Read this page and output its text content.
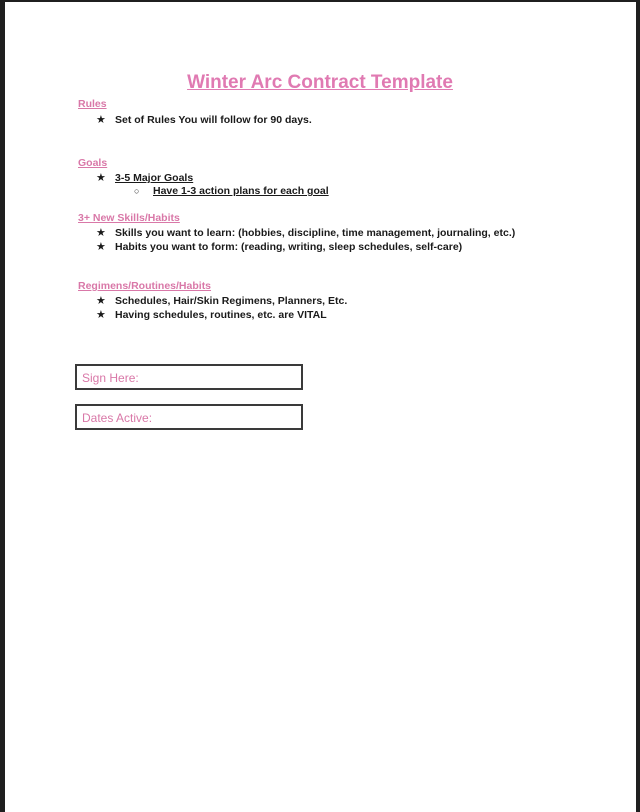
Winter Arc Contract Template
Rules
★ Set of Rules You will follow for 90 days.
Goals
★ 3-5 Major Goals
○ Have 1-3 action plans for each goal
3+ New Skills/Habits
★ Skills you want to learn: (hobbies, discipline, time management, journaling, etc.)
★ Habits you want to form: (reading, writing, sleep schedules, self-care)
Regimens/Routines/Habits
★ Schedules, Hair/Skin Regimens, Planners, Etc.
★ Having schedules, routines, etc. are VITAL
Sign Here:
Dates Active:
